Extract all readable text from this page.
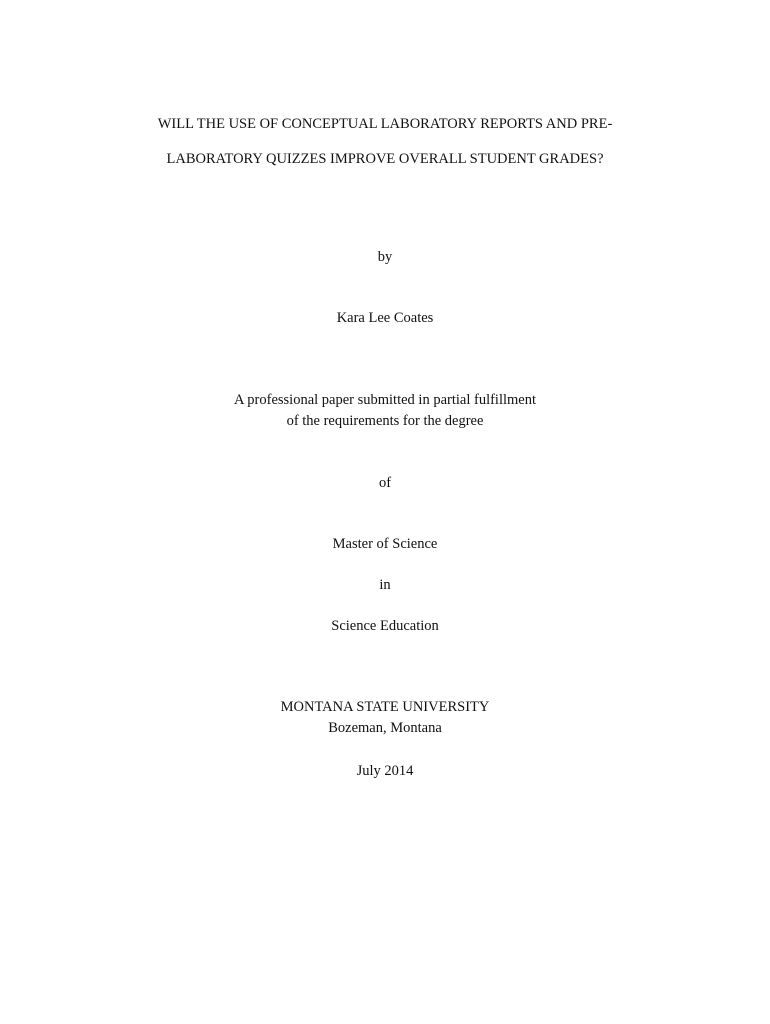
WILL THE USE OF CONCEPTUAL LABORATORY REPORTS AND PRE-

LABORATORY QUIZZES IMPROVE OVERALL STUDENT GRADES?

by

Kara Lee Coates

A professional paper submitted in partial fulfillment

of the requirements for the degree

of

Master of Science

in

Science Education

MONTANA STATE UNIVERSITY

Bozeman, Montana

July 2014
